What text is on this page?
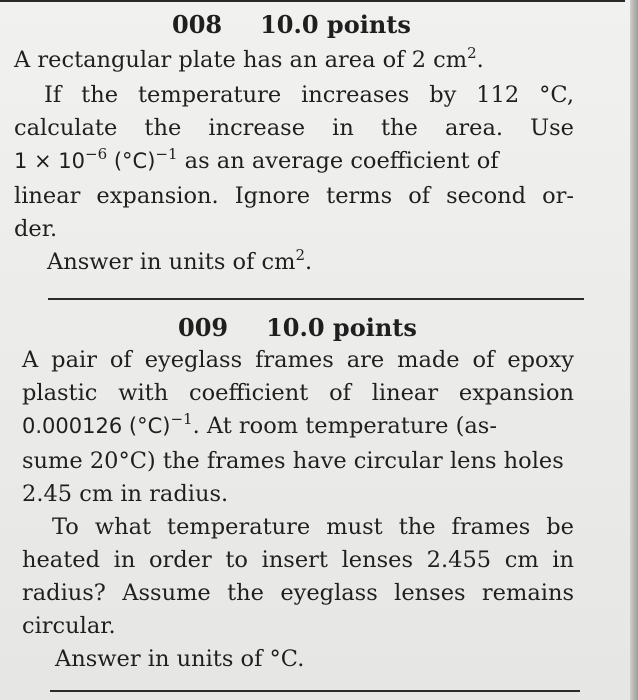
008 10.0 points
A rectangular plate has an area of 2 $cm^2$.
If the temperature increases by 112 °C,
calculate the increase in the area. Use
$1 \times 10^{-6}$ $(^\circ C)^{-1}$ as an average coefficient of
linear expansion. Ignore terms of second or-
der.
Answer in units of $cm^2$.
009 10.0 points
A pair of eyeglass frames are made of epoxy
plastic with coefficient of linear expansion
0.000126 $(^\circ C)^{-1}$. At room temperature (as-
sume 20°C) the frames have circular lens holes
2.45 cm in radius.
To what temperature must the frames be
heated in order to insert lenses 2.455 cm in
radius? Assume the eyeglass lenses remains
circular.
Answer in units of °C.
